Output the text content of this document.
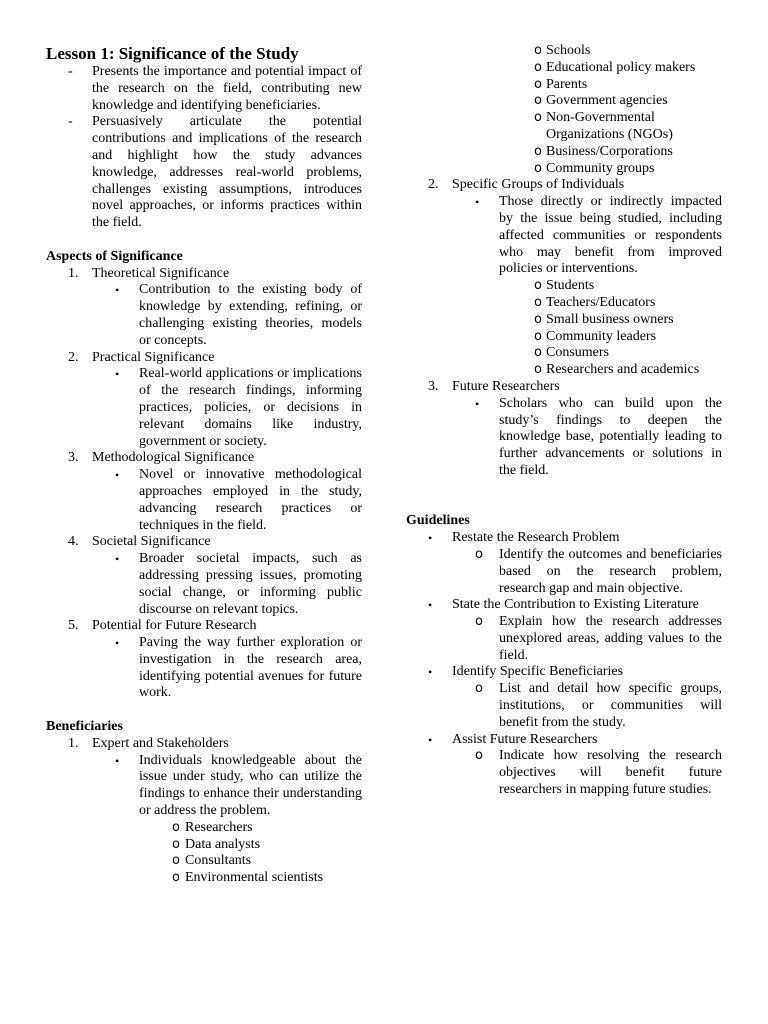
Lesson 1: Significance of the Study
- Presents the importance and potential impact of the research on the field, contributing new knowledge and identifying beneficiaries.
- Persuasively articulate the potential contributions and implications of the research and highlight how the study advances knowledge, addresses real-world problems, challenges existing assumptions, introduces novel approaches, or informs practices within the field.
Aspects of Significance
1. Theoretical Significance
• Contribution to the existing body of knowledge by extending, refining, or challenging existing theories, models or concepts.
2. Practical Significance
• Real-world applications or implications of the research findings, informing practices, policies, or decisions in relevant domains like industry, government or society.
3. Methodological Significance
• Novel or innovative methodological approaches employed in the study, advancing research practices or techniques in the field.
4. Societal Significance
• Broader societal impacts, such as addressing pressing issues, promoting social change, or informing public discourse on relevant topics.
5. Potential for Future Research
• Paving the way further exploration or investigation in the research area, identifying potential avenues for future work.
Beneficiaries
1. Expert and Stakeholders
• Individuals knowledgeable about the issue under study, who can utilize the findings to enhance their understanding or address the problem.
o Researchers
o Data analysts
o Consultants
o Environmental scientists
o Schools
o Educational policy makers
o Parents
o Government agencies
o Non-Governmental Organizations (NGOs)
o Business/Corporations
o Community groups
2. Specific Groups of Individuals
• Those directly or indirectly impacted by the issue being studied, including affected communities or respondents who may benefit from improved policies or interventions.
o Students
o Teachers/Educators
o Small business owners
o Community leaders
o Consumers
o Researchers and academics
3. Future Researchers
• Scholars who can build upon the study’s findings to deepen the knowledge base, potentially leading to further advancements or solutions in the field.
Guidelines
• Restate the Research Problem
o Identify the outcomes and beneficiaries based on the research problem, research gap and main objective.
• State the Contribution to Existing Literature
o Explain how the research addresses unexplored areas, adding values to the field.
• Identify Specific Beneficiaries
o List and detail how specific groups, institutions, or communities will benefit from the study.
• Assist Future Researchers
o Indicate how resolving the research objectives will benefit future researchers in mapping future studies.
